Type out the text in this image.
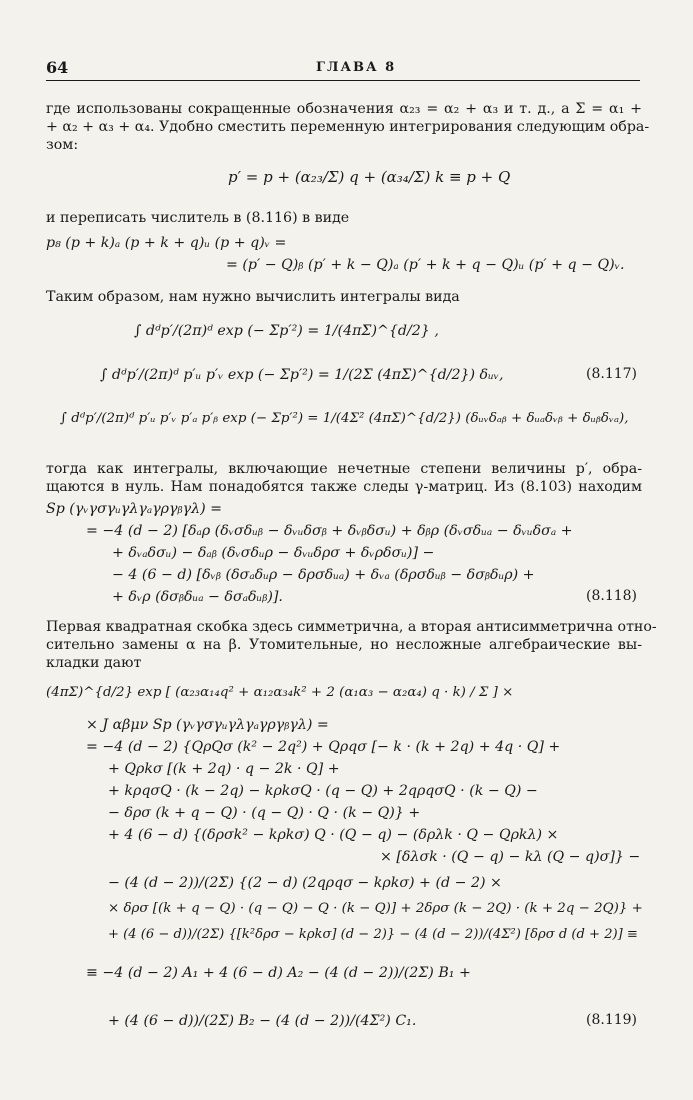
64	ГЛАВА 8
где использованы сокращенные обозначения α₂₃ = α₂ + α₃ и т. д., а Σ = α₁ +
+ α₂ + α₃ + α₄. Удобно сместить переменную интегрирования следующим обра-
зом:
p′ = p + (α₂₃/Σ) q + (α₃₄/Σ) k ≡ p + Q
и переписать числитель в (8.116) в виде
p₈ (p + k)ₐ (p + k + q)ᵤ (p + q)ᵥ =
= (p′ − Q)ᵦ (p′ + k − Q)ₐ (p′ + k + q − Q)ᵤ (p′ + q − Q)ᵥ.
Таким образом, нам нужно вычислить интегралы вида
∫ dᵈp′/(2π)ᵈ exp (− Σp′²) = 1/(4πΣ)^{d/2} ,
∫ dᵈp′/(2π)ᵈ p′ᵤ p′ᵥ exp (− Σp′²) = 1/(2Σ (4πΣ)^{d/2}) δᵤᵥ,	(8.117)
∫ dᵈp′/(2π)ᵈ p′ᵤ p′ᵥ p′ₐ p′ᵦ exp (− Σp′²) = 1/(4Σ² (4πΣ)^{d/2}) (δᵤᵥδₐᵦ + δᵤₐδᵥᵦ + δᵤᵦδᵥₐ),
тогда как интегралы, включающие нечетные степени величины p′, обра-
щаются в нуль. Нам понадобятся также следы γ-матриц. Из (8.103) находим
Sp (γᵥγσγᵤγλγₐγργᵦγλ) =
= −4 (d − 2) [δₐρ (δᵥσδᵤᵦ − δᵥᵤδσᵦ + δᵥᵦδσᵤ) + δᵦρ (δᵥσδᵤₐ − δᵥᵤδσₐ +
+ δᵥₐδσᵤ) − δₐᵦ (δᵥσδᵤρ − δᵥᵤδρσ + δᵥρδσᵤ)] −
− 4 (6 − d) [δᵥᵦ (δσₐδᵤρ − δρσδᵤₐ) + δᵥₐ (δρσδᵤᵦ − δσᵦδᵤρ) +
+ δᵥρ (δσᵦδᵤₐ − δσₐδᵤᵦ)].	(8.118)
Первая квадратная скобка здесь симметрична, а вторая антисимметрична отно-
сительно замены α на β. Утомительные, но несложные алгебраические вы-
кладки дают
(4πΣ)^{d/2} exp [ (α₂₃α₁₄q² + α₁₂α₃₄k² + 2 (α₁α₃ − α₂α₄) q · k) / Σ ] ×
× J αβμν Sp (γᵥγσγᵤγλγₐγργᵦγλ) =
= −4 (d − 2) {QρQσ (k² − 2q²) + Qρqσ [− k · (k + 2q) + 4q · Q] +
+ Qρkσ [(k + 2q) · q − 2k · Q] +
+ kρqσQ · (k − 2q) − kρkσQ · (q − Q) + 2qρqσQ · (k − Q) −
− δρσ (k + q − Q) · (q − Q) · Q · (k − Q)} +
+ 4 (6 − d) {(δρσk² − kρkσ) Q · (Q − q) − (δρλk · Q − Qρkλ) ×
× [δλσk · (Q − q) − kλ (Q − q)σ]} −
− (4 (d − 2))/(2Σ) {(2 − d) (2qρqσ − kρkσ) + (d − 2) ×
× δρσ [(k + q − Q) · (q − Q) − Q · (k − Q)] + 2δρσ (k − 2Q) · (k + 2q − 2Q)} +
+ (4 (6 − d))/(2Σ) {[k²δρσ − kρkσ] (d − 2)} − (4 (d − 2))/(4Σ²) [δρσ d (d + 2)] ≡
≡ −4 (d − 2) A₁ + 4 (6 − d) A₂ − (4 (d − 2))/(2Σ) B₁ +
+ (4 (6 − d))/(2Σ) B₂ − (4 (d − 2))/(4Σ²) C₁.	(8.119)
